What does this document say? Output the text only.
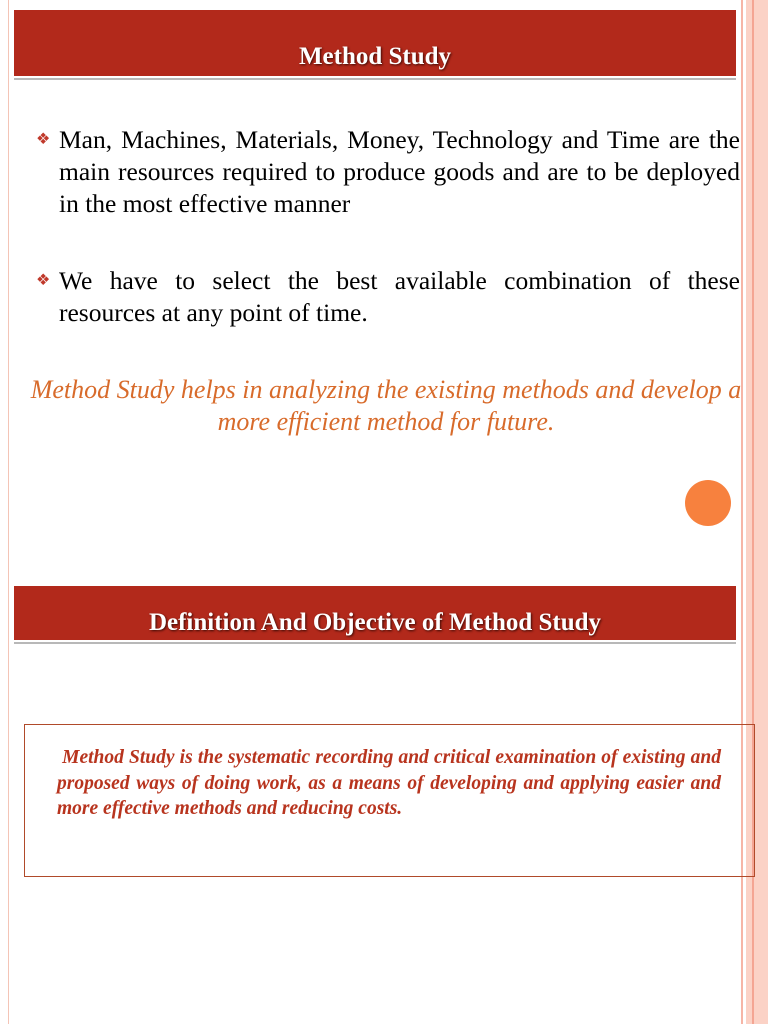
Method Study
❖ Man, Machines, Materials, Money, Technology and Time are the main resources required to produce goods and are to be deployed in the most effective manner
❖ We have to select the best available combination of these resources at any point of time.
Method Study helps in analyzing the existing methods and develop a more efficient method for future.
Definition And Objective of Method Study
Method Study is the systematic recording and critical examination of existing and proposed ways of doing work, as a means of developing and applying easier and more effective methods and reducing costs.
